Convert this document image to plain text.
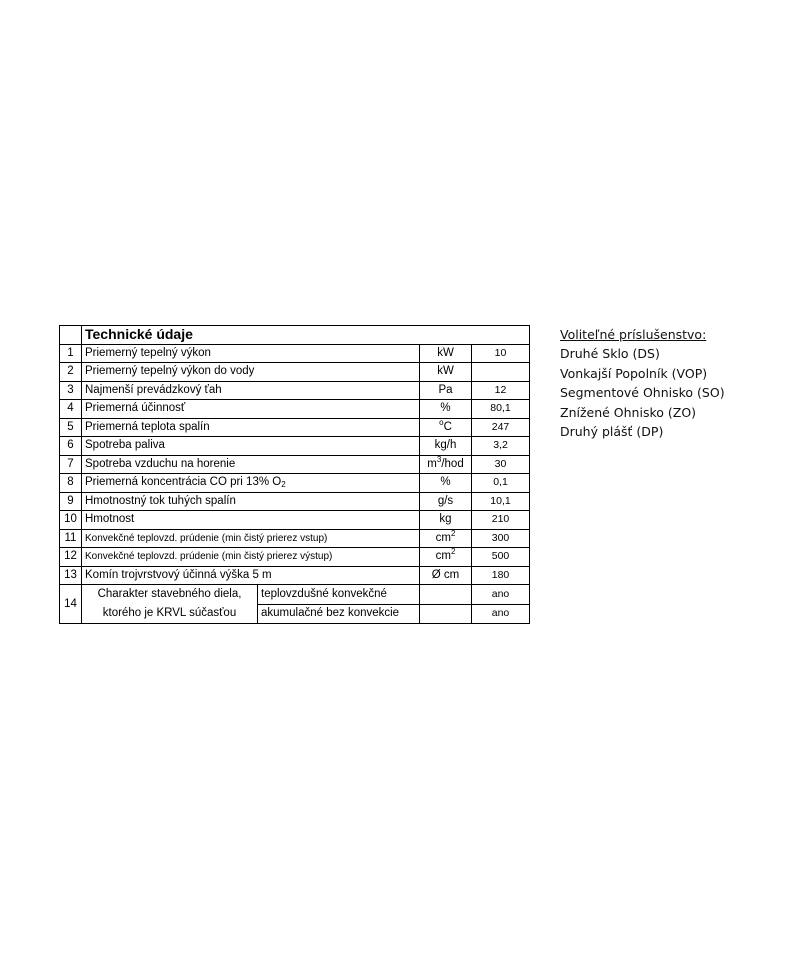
	Technické údaje			
1	Priemerný tepelný výkon		kW	10
2	Priemerný tepelný výkon do vody		kW	
3	Najmenší prevádzkový ťah		Pa	12
4	Priemerná účinnosť		%	80,1
5	Priemerná teplota spalín		$^o$C	247
6	Spotreba paliva		kg/h	3,2
7	Spotreba vzduchu na horenie		$m^3$/hod	30
8	Priemerná koncentrácia CO pri 13% $O_2$		%	0,1
9	Hmotnostný tok tuhých spalín		g/s	10,1
10	Hmotnost		kg	210
11	Konvekčné teplovzd. prúdenie (min čistý prierez vstup)		$cm^2$	300
12	Konvekčné teplovzd. prúdenie (min čistý prierez výstup)		$cm^2$	500
13	Komín trojvrstvový účinná výška 5 m		Ø cm	180
14	Charakter stavebného diela,
ktorého je KRVL súčasťou	teplovzdušné konvekčné		ano
		akumulačné bez konvekcie		ano
Voliteľné príslušenstvo:
Druhé Sklo (DS)
Vonkajší Popolník (VOP)
Segmentové Ohnisko (SO)
Znížené Ohnisko (ZO)
Druhý plášť (DP)
